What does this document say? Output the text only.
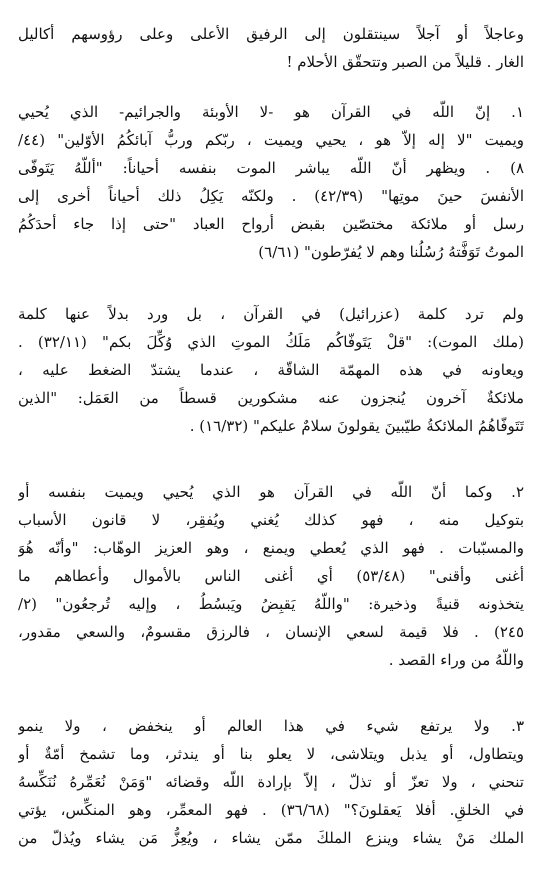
وعاجلاً أو آجلاً سينتقلون إلى الرفيق الأعلى وعلى رؤوسهم أكاليل
الغار . قليلاً من الصبر وتتحقّق الأحلام !
١. إنّ اللّه في القرآن هو -لا الأوبئة والجرائيم- الذي يُحيي
ويميت "لا إله إلاّ هو ، يحيي ويميت ، ربّكم وربُّ آبائكُمُ الأوّلين" (٤٤/
٨) . ويظهر أنّ اللّه يباشر الموت بنفسه أحياناً: "أللّهُ يَتَوفّى
الأنفسَ حينَ موتِها" (٤٢/٣٩) . ولكنّه يَكِلُ ذلك أحياناً أخرى إلى
رسل أو ملائكة مختصّين بقبض أرواح العباد "حتى إذا جاء أحدَكُمُ
الموتُ تَوَفَّتهُ رُسُلُنا وهم لا يُفرّطون" (٦/٦١)
ولم ترد كلمة (عزرائيل) في القرآن ، بل ورد بدلاً عنها كلمة
(ملك الموت): "قلْ يَتَوفّاكُم مَلَكُ الموتِ الذي وُكِّلَ بكم" (٣٢/١١) .
ويعاونه في هذه المهمّة الشاقّة ، عندما يشتدّ الضغط عليه ،
ملائكةٌ آخرون يُنجزون عنه مشكورين قسطاً من العَمَل: "الذين
تَتَوفّاهُمُ الملائكةُ طيّبينَ يقولونَ سلامٌ عليكم" (١٦/٣٢) .
٢. وكما أنّ اللّه في القرآن هو الذي يُحيي ويميت بنفسه أو
بتوكيل منه ، فهو كذلك يُغني ويُفقِر، لا قانون الأسباب
والمسبّبات . فهو الذي يُعطي ويمنع ، وهو العزيز الوهّاب: "وأنّه هُوَ
أغنى وأقنى" (٥٣/٤٨) أي أغنى الناس بالأموال وأعطاهم ما
يتخذونه قنيةً وذخيرة: "واللّهُ يَقبِضُ ويَبسُطُ ، وإليه تُرجعُون" (٢/
٢٤٥) . فلا قيمة لسعي الإنسان ، فالرزق مقسومٌ، والسعي مقدور،
واللّهُ من وراء القصد .
٣. ولا يرتفع شيء في هذا العالم أو ينخفض ، ولا ينمو
ويتطاول، أو يذبل ويتلاشى، لا يعلو بنا أو يندثر، وما تشمخ أمّةٌ أو
تنحني ، ولا تعزّ أو تذلّ ، إلاّ بإرادة اللّه وقضائه "وَمَنْ نُعَمِّرهُ نُنَكِّسهُ
في الخلقِ. أفلا يَعقلونَ؟" (٣٦/٦٨) . فهو المعمِّر، وهو المنكِّس، يؤتي
الملك مَنْ يشاء وينزع الملكَ ممّن يشاء ، ويُعِزُّ مَن يشاء ويُذلّ من
